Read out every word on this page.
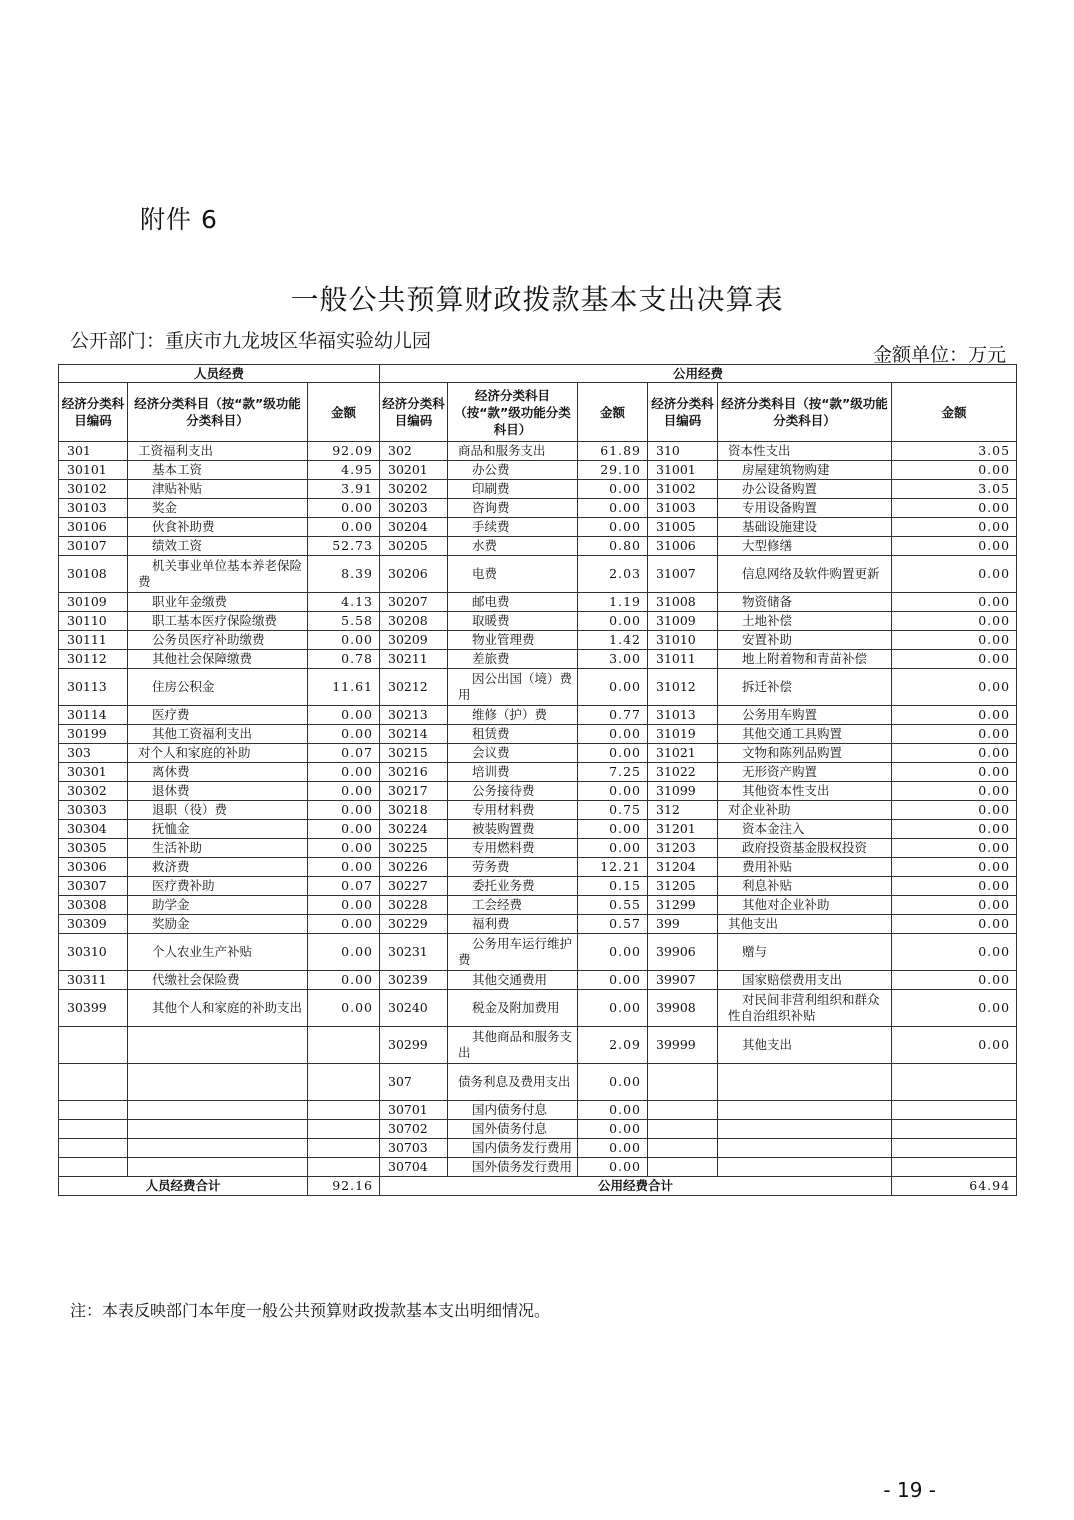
附件 6
一般公共预算财政拨款基本支出决算表
公开部门：重庆市九龙坡区华福实验幼儿园
金额单位：万元
人员经费			公用经费					
经济分类科目编码	经济分类科目（按“款”级功能分类科目）	金额	经济分类科目编码	经济分类科目（按“款”级功能分类科目）	金额	经济分类科目编码	经济分类科目（按“款”级功能分类科目）	金额
301	工资福利支出	92.09	302	商品和服务支出	61.89	310	资本性支出	3.05
30101	基本工资	4.95	30201	办公费	29.10	31001	房屋建筑物购建	0.00
30102	津贴补贴	3.91	30202	印刷费	0.00	31002	办公设备购置	3.05
30103	奖金	0.00	30203	咨询费	0.00	31003	专用设备购置	0.00
30106	伙食补助费	0.00	30204	手续费	0.00	31005	基础设施建设	0.00
30107	绩效工资	52.73	30205	水费	0.80	31006	大型修缮	0.00
30108	机关事业单位基本养老保险费	8.39	30206	电费	2.03	31007	信息网络及软件购置更新	0.00
30109	职业年金缴费	4.13	30207	邮电费	1.19	31008	物资储备	0.00
30110	职工基本医疗保险缴费	5.58	30208	取暖费	0.00	31009	土地补偿	0.00
30111	公务员医疗补助缴费	0.00	30209	物业管理费	1.42	31010	安置补助	0.00
30112	其他社会保障缴费	0.78	30211	差旅费	3.00	31011	地上附着物和青苗补偿	0.00
30113	住房公积金	11.61	30212	因公出国（境）费用	0.00	31012	拆迁补偿	0.00
30114	医疗费	0.00	30213	维修（护）费	0.77	31013	公务用车购置	0.00
30199	其他工资福利支出	0.00	30214	租赁费	0.00	31019	其他交通工具购置	0.00
303	对个人和家庭的补助	0.07	30215	会议费	0.00	31021	文物和陈列品购置	0.00
30301	离休费	0.00	30216	培训费	7.25	31022	无形资产购置	0.00
30302	退休费	0.00	30217	公务接待费	0.00	31099	其他资本性支出	0.00
30303	退职（役）费	0.00	30218	专用材料费	0.75	312	对企业补助	0.00
30304	抚恤金	0.00	30224	被装购置费	0.00	31201	资本金注入	0.00
30305	生活补助	0.00	30225	专用燃料费	0.00	31203	政府投资基金股权投资	0.00
30306	救济费	0.00	30226	劳务费	12.21	31204	费用补贴	0.00
30307	医疗费补助	0.07	30227	委托业务费	0.15	31205	利息补贴	0.00
30308	助学金	0.00	30228	工会经费	0.55	31299	其他对企业补助	0.00
30309	奖励金	0.00	30229	福利费	0.57	399	其他支出	0.00
30310	个人农业生产补贴	0.00	30231	公务用车运行维护费	0.00	39906	赠与	0.00
30311	代缴社会保险费	0.00	30239	其他交通费用	0.00	39907	国家赔偿费用支出	0.00
30399	其他个人和家庭的补助支出	0.00	30240	税金及附加费用	0.00	39908	对民间非营利组织和群众性自治组织补贴	0.00
			30299	其他商品和服务支出	2.09	39999	其他支出	0.00
			307	债务利息及费用支出	0.00			
			30701	国内债务付息	0.00			
			30702	国外债务付息	0.00			
			30703	国内债务发行费用	0.00			
			30704	国外债务发行费用	0.00			
人员经费合计		92.16	公用经费合计					64.94
注：本表反映部门本年度一般公共预算财政拨款基本支出明细情况。
- 19 -
